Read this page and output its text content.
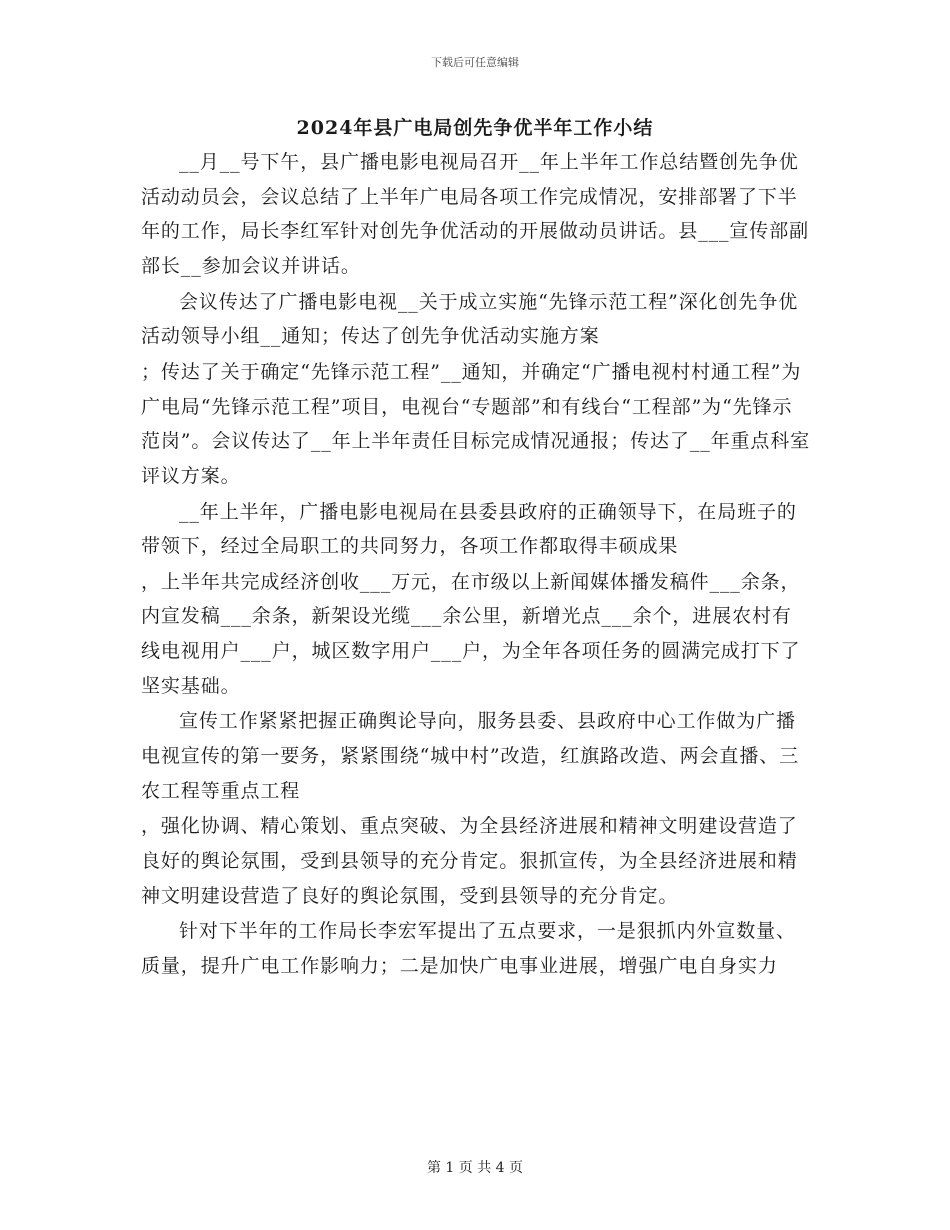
下载后可任意编辑
2024年县广电局创先争优半年工作小结

__月__号下午，县广播电影电视局召开__年上半年工作总结暨创先争优活动动员会，会议总结了上半年广电局各项工作完成情况，安排部署了下半年的工作，局长李红军针对创先争优活动的开展做动员讲话。县___宣传部副部长__参加会议并讲话。

会议传达了广播电影电视__关于成立实施“先锋示范工程”深化创先争优活动领导小组__通知；传达了创先争优活动实施方案

；传达了关于确定“先锋示范工程”__通知，并确定“广播电视村村通工程”为广电局“先锋示范工程”项目，电视台“专题部”和有线台“工程部”为“先锋示范岗”。会议传达了__年上半年责任目标完成情况通报；传达了__年重点科室评议方案。

__年上半年，广播电影电视局在县委县政府的正确领导下，在局班子的带领下，经过全局职工的共同努力，各项工作都取得丰硕成果

，上半年共完成经济创收___万元，在市级以上新闻媒体播发稿件___余条，内宣发稿___余条，新架设光缆___余公里，新增光点___余个，进展农村有线电视用户___户，城区数字用户___户，为全年各项任务的圆满完成打下了坚实基础。

宣传工作紧紧把握正确舆论导向，服务县委、县政府中心工作做为广播电视宣传的第一要务，紧紧围绕“城中村”改造，红旗路改造、两会直播、三农工程等重点工程

，强化协调、精心策划、重点突破、为全县经济进展和精神文明建设营造了良好的舆论氛围，受到县领导的充分肯定。狠抓宣传，为全县经济进展和精神文明建设营造了良好的舆论氛围，受到县领导的充分肯定。

针对下半年的工作局长李宏军提出了五点要求，一是狠抓内外宣数量、质量，提升广电工作影响力；二是加快广电事业进展，增强广电自身实力

第 1 页 共 4 页
